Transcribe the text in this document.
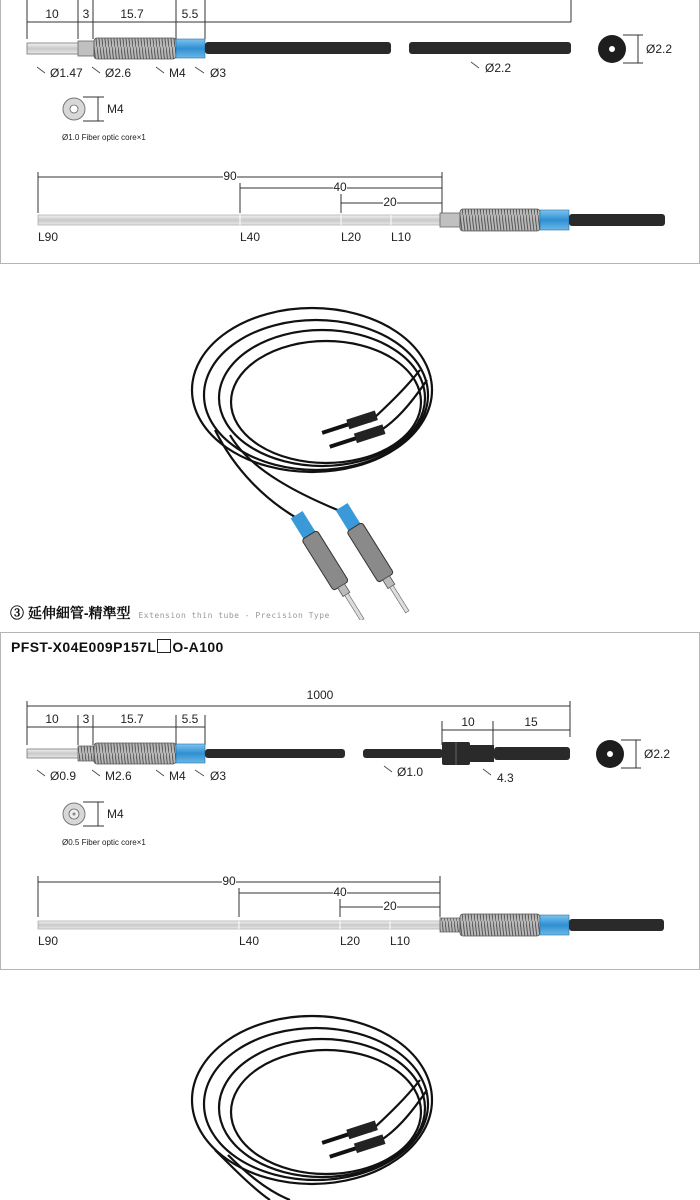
10 3	15.7	5.5
Ø1.47 Ø2.6	M4 Ø3	Ø2.2
Ø2.2
M4
Ø1.0 Fiber optic core×1
90
40
20
L90	L40	L20 L10
③ 延伸細管-精準型 Extension thin tube - Precision Type
PFST-X04E009P157L O-A100
1000
10 3	15.7	5.5	10	15
Ø0.9 M2.6	M4 Ø3	Ø1.0	4.3
Ø2.2
M4
Ø0.5 Fiber optic core×1
90
40
20
L90	L40	L20 L10
